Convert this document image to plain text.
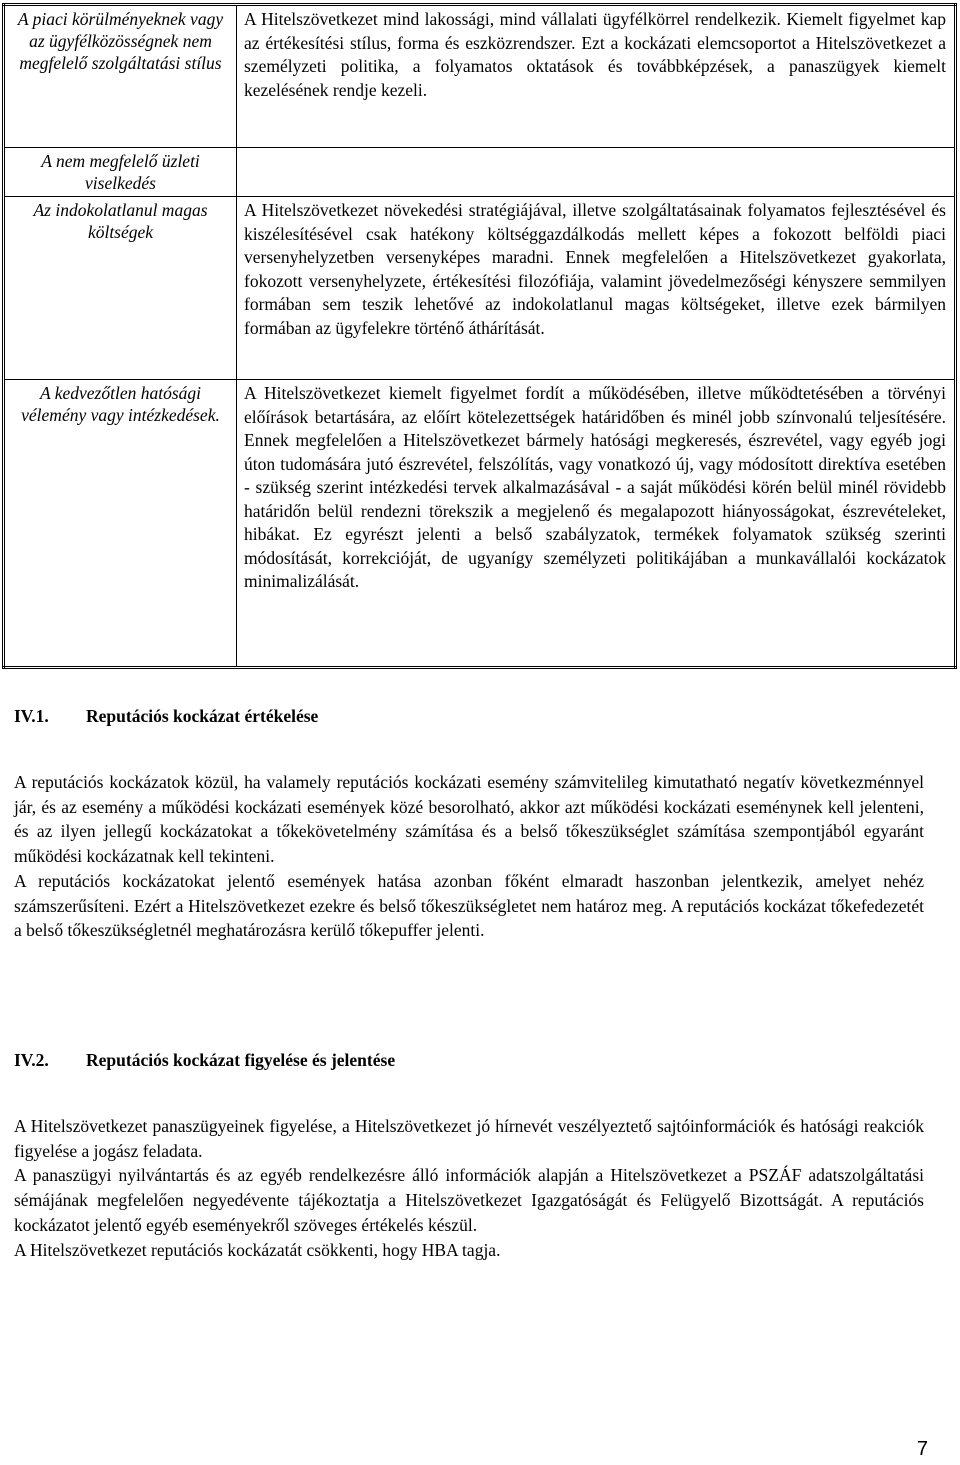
A piaci körülményeknek vagy az ügyfélközösségnek nem megfelelő szolgáltatási stílus	A Hitelszövetkezet mind lakossági, mind vállalati ügyfélkörrel rendelkezik. Kiemelt figyelmet kap az értékesítési stílus, forma és eszközrendszer. Ezt a kockázati elemcsoportot a Hitelszövetkezet a személyzeti politika, a folyamatos oktatások és továbbképzések, a panaszügyek kiemelt kezelésének rendje kezeli.
A nem megfelelő üzleti viselkedés	
Az indokolatlanul magas költségek	A Hitelszövetkezet növekedési stratégiájával, illetve szolgáltatásainak folyamatos fejlesztésével és kiszélesítésével csak hatékony költséggazdálkodás mellett képes a fokozott belföldi piaci versenyhelyzetben versenyképes maradni. Ennek megfelelően a Hitelszövetkezet gyakorlata, fokozott versenyhelyzete, értékesítési filozófiája, valamint jövedelmezőségi kényszere semmilyen formában sem teszik lehetővé az indokolatlanul magas költségeket, illetve ezek bármilyen formában az ügyfelekre történő áthárítását.
A kedvezőtlen hatósági vélemény vagy intézkedések.	A Hitelszövetkezet kiemelt figyelmet fordít a működésében, illetve működtetésében a törvényi előírások betartására, az előírt kötelezettségek határidőben és minél jobb színvonalú teljesítésére. Ennek megfelelően a Hitelszövetkezet bármely hatósági megkeresés, észrevétel, vagy egyéb jogi úton tudomására jutó észrevétel, felszólítás, vagy vonatkozó új, vagy módosított direktíva esetében - szükség szerint intézkedési tervek alkalmazásával - a saját működési körén belül minél rövidebb határidőn belül rendezni törekszik a megjelenő és megalapozott hiányosságokat, észrevételeket, hibákat. Ez egyrészt jelenti a belső szabályzatok, termékek folyamatok szükség szerinti módosítását, korrekcióját, de ugyanígy személyzeti politikájában a munkavállalói kockázatok minimalizálását.
IV.1. Reputációs kockázat értékelése

A reputációs kockázatok közül, ha valamely reputációs kockázati esemény számvitelileg kimutatható negatív következménnyel jár, és az esemény a működési kockázati események közé besorolható, akkor azt működési kockázati eseménynek kell jelenteni, és az ilyen jellegű kockázatokat a tőkekövetelmény számítása és a belső tőkeszükséglet számítása szempontjából egyaránt működési kockázatnak kell tekinteni.

A reputációs kockázatokat jelentő események hatása azonban főként elmaradt haszonban jelentkezik, amelyet nehéz számszerűsíteni. Ezért a Hitelszövetkezet ezekre és belső tőkeszükségletet nem határoz meg. A reputációs kockázat tőkefedezetét a belső tőkeszükségletnél meghatározásra kerülő tőkepuffer jelenti.

IV.2. Reputációs kockázat figyelése és jelentése

A Hitelszövetkezet panaszügyeinek figyelése, a Hitelszövetkezet jó hírnevét veszélyeztető sajtóinformációk és hatósági reakciók figyelése a jogász feladata.

A panaszügyi nyilvántartás és az egyéb rendelkezésre álló információk alapján a Hitelszövetkezet a PSZÁF adatszolgáltatási sémájának megfelelően negyedévente tájékoztatja a Hitelszövetkezet Igazgatóságát és Felügyelő Bizottságát. A reputációs kockázatot jelentő egyéb eseményekről szöveges értékelés készül.

A Hitelszövetkezet reputációs kockázatát csökkenti, hogy HBA tagja.

7
